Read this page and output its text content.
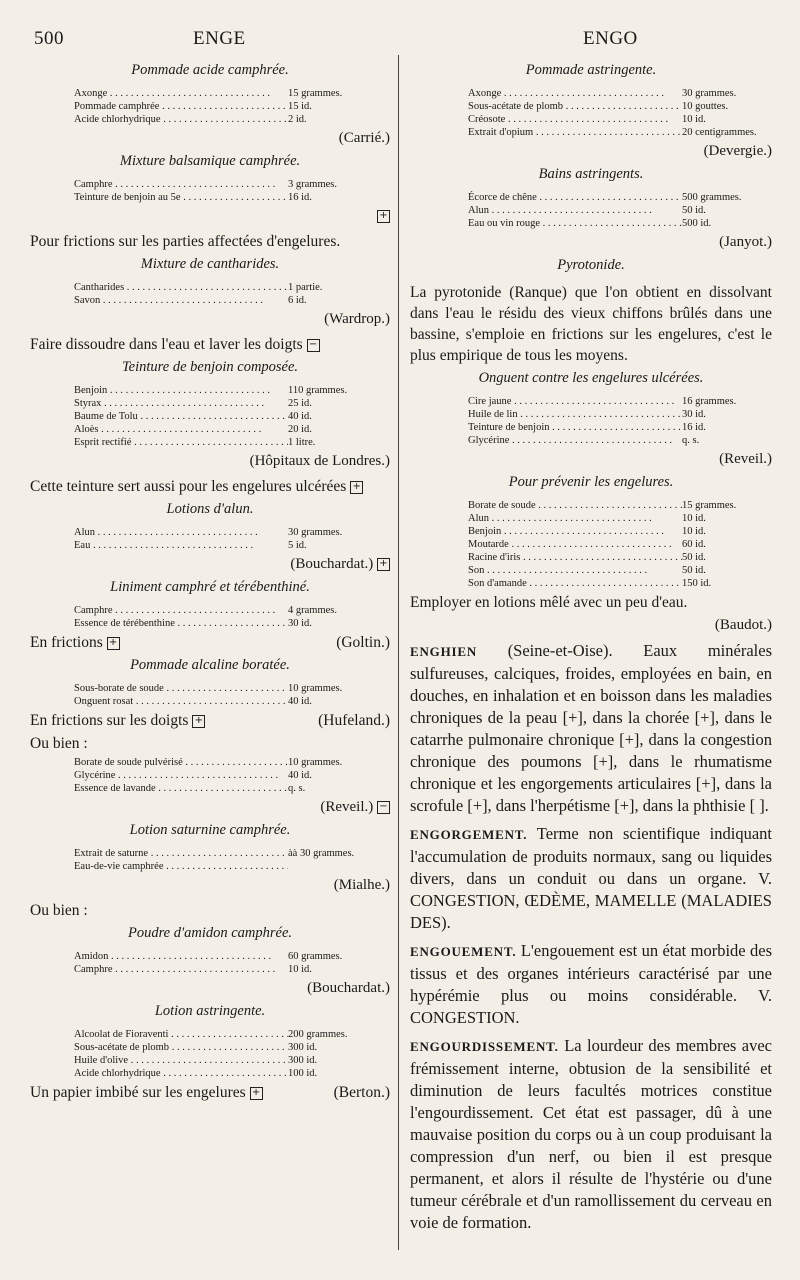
500	ENGE	ENGO
Pommade acide camphrée.
Axonge . . .	15 grammes.
Pommade camphrée . . .	15 id.
Acide chlorhydrique . . .	2 id.
(Carrié.)
Mixture balsamique camphrée.
Camphre . . .	3 grammes.
Teinture de benjoin au 5e . . .	16 id.
+
Pour frictions sur les parties affectées d'engelures.
Mixture de cantharides.
Cantharides . . .	1 partie.
Savon . . .	6 id.
(Wardrop.)
Faire dissoudre dans l'eau et laver les doigts −
Teinture de benjoin composée.
Benjoin . . .	110 grammes.
Styrax . . .	25 id.
Baume de Tolu . . .	40 id.
Aloès . . .	20 id.
Esprit rectifié . . .	1 litre.
(Hôpitaux de Londres.)
Cette teinture sert aussi pour les engelures ulcérées +
Lotions d'alun.
Alun . . .	30 grammes.
Eau . . .	5 id.
(Bouchardat.) +
Liniment camphré et térébenthiné.
Camphre . . .	4 grammes.
Essence de térébenthine . . .	30 id.
En frictions +	(Goltin.)
Pommade alcaline boratée.
Sous-borate de soude . . .	10 grammes.
Onguent rosat . . .	40 id.
En frictions sur les doigts +	(Hufeland.)
Ou bien :
Borate de soude pulvérisé . . .	10 grammes.
Glycérine . . .	40 id.
Essence de lavande . . .	q. s.
(Reveil.) −
Lotion saturnine camphrée.
Extrait de saturne . . .	àà 30 grammes.
Eau-de-vie camphrée . . .
(Mialhe.)
Ou bien :
Poudre d'amidon camphrée.
Amidon . . .	60 grammes.
Camphre . . .	10 id.
(Bouchardat.)
Lotion astringente.
Alcoolat de Fioraventi . . .	200 grammes.
Sous-acétate de plomb . . .	300 id.
Huile d'olive . . .	300 id.
Acide chlorhydrique . . .	100 id.
Un papier imbibé sur les engelures +	(Berton.)
Pommade astringente.
Axonge . . .	30 grammes.
Sous-acétate de plomb . . .	10 gouttes.
Créosote . . .	10 id.
Extrait d'opium . . .	20 centigrammes.
(Devergie.)
Bains astringents.
Écorce de chêne . . .	500 grammes.
Alun . . .	50 id.
Eau ou vin rouge . . .	500 id.
(Janyot.)
Pyrotonide.
La pyrotonide (Ranque) que l'on obtient en dissolvant dans l'eau le résidu des vieux chiffons brûlés dans une bassine, s'emploie en frictions sur les engelures, c'est le plus empirique de tous les moyens.
Onguent contre les engelures ulcérées.
Cire jaune . . .	16 grammes.
Huile de lin . . .	30 id.
Teinture de benjoin . . .	16 id.
Glycérine . . .	q. s.
(Reveil.)
Pour prévenir les engelures.
Borate de soude . . .	15 grammes.
Alun . . .	10 id.
Benjoin . . .	10 id.
Moutarde . . .	60 id.
Racine d'iris . . .	50 id.
Son . . .	50 id.
Son d'amande . . .	150 id.
Employer en lotions mêlé avec un peu d'eau.
(Baudot.)
ENGHIEN (Seine-et-Oise). Eaux minérales sulfureuses, calciques, froides, employées en bain, en douches, en inhalation et en boisson dans les maladies chroniques de la peau [+], dans la chorée [+], dans le catarrhe pulmonaire chronique [+], dans la congestion chronique des poumons [+], dans le rhumatisme chronique et les engorgements articulaires [+], dans la scrofule [+], dans l'herpétisme [+], dans la phthisie [ ].
ENGORGEMENT. Terme non scientifique indiquant l'accumulation de produits normaux, sang ou liquides divers, dans un conduit ou dans un organe. V. CONGESTION, ŒDÈME, MAMELLE (MALADIES DES).
ENGOUEMENT. L'engouement est un état morbide des tissus et des organes intérieurs caractérisé par une hypérémie plus ou moins considérable. V. CONGESTION.
ENGOURDISSEMENT. La lourdeur des membres avec frémissement interne, obtusion de la sensibilité et diminution de leurs facultés motrices constitue l'engourdissement. Cet état est passager, dû à une mauvaise position du corps ou à un coup produisant la compression d'un nerf, ou bien il est presque permanent, et alors il résulte de l'hystérie ou d'une tumeur cérébrale et d'un ramollissement du cerveau en voie de formation.
